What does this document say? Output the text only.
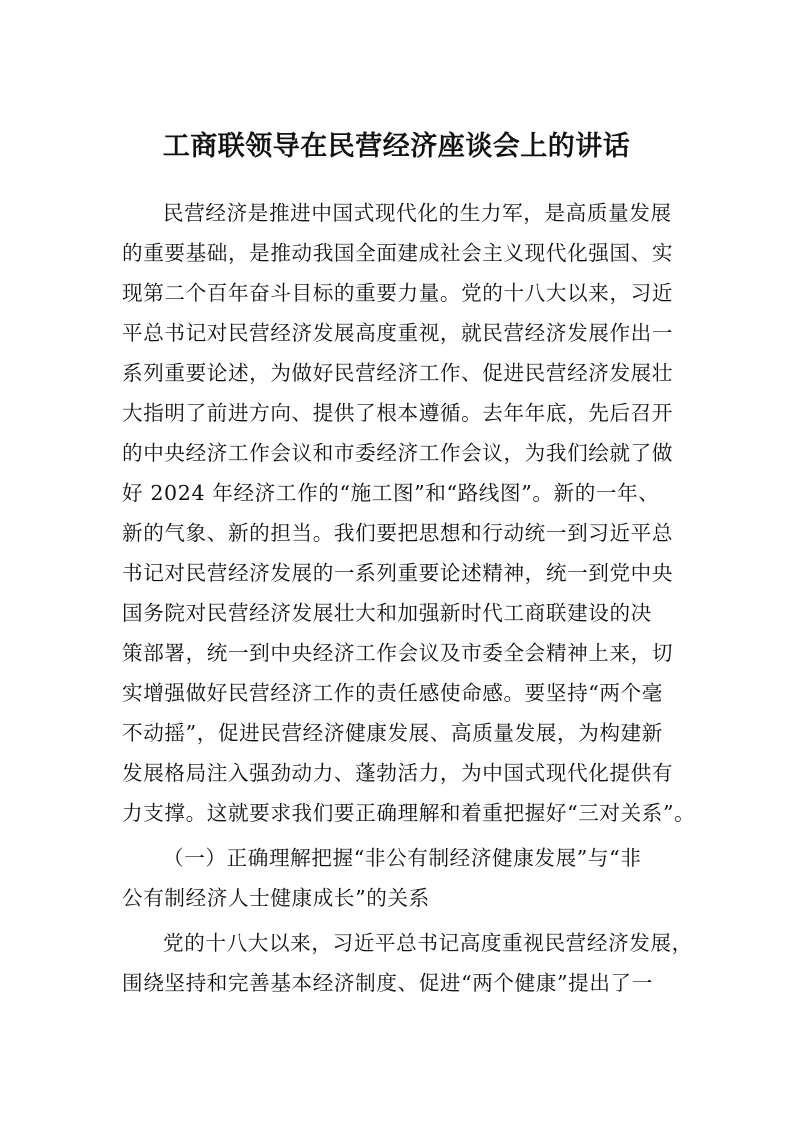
工商联领导在民营经济座谈会上的讲话

民营经济是推进中国式现代化的生力军，是高质量发展

的重要基础，是推动我国全面建成社会主义现代化强国、实

现第二个百年奋斗目标的重要力量。党的十八大以来，习近

平总书记对民营经济发展高度重视，就民营经济发展作出一

系列重要论述，为做好民营经济工作、促进民营经济发展壮

大指明了前进方向、提供了根本遵循。去年年底，先后召开

的中央经济工作会议和市委经济工作会议，为我们绘就了做

好 2024 年经济工作的“施工图”和“路线图”。新的一年、

新的气象、新的担当。我们要把思想和行动统一到习近平总

书记对民营经济发展的一系列重要论述精神，统一到党中央

国务院对民营经济发展壮大和加强新时代工商联建设的决

策部署，统一到中央经济工作会议及市委全会精神上来，切

实增强做好民营经济工作的责任感使命感。要坚持“两个毫

不动摇”，促进民营经济健康发展、高质量发展，为构建新

发展格局注入强劲动力、蓬勃活力，为中国式现代化提供有

力支撑。这就要求我们要正确理解和着重把握好“三对关系”。

（一）正确理解把握“非公有制经济健康发展”与“非

公有制经济人士健康成长”的关系

党的十八大以来，习近平总书记高度重视民营经济发展，

围绕坚持和完善基本经济制度、促进“两个健康”提出了一
